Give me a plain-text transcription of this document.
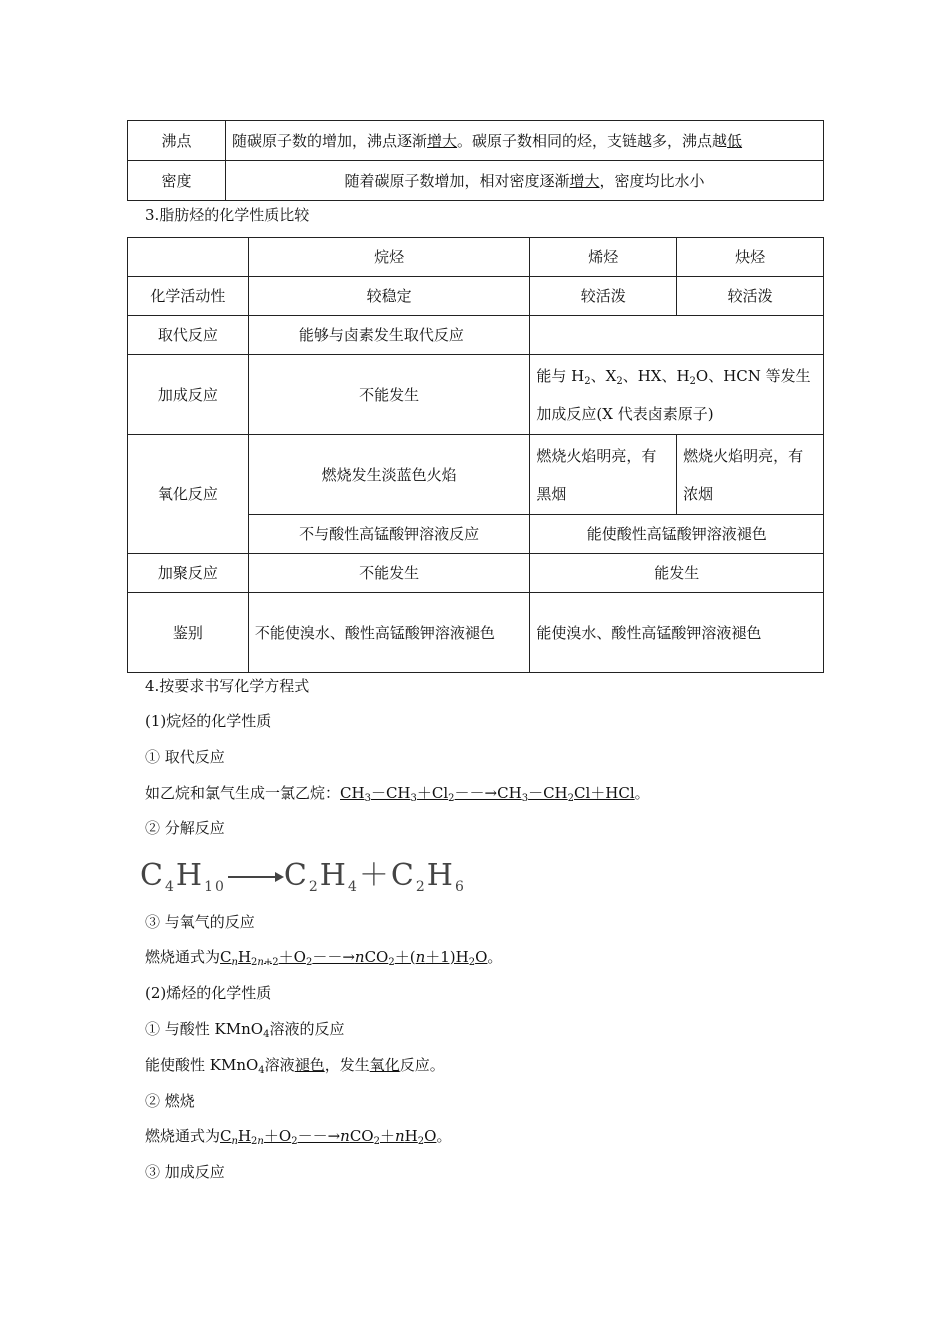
沸点	随碳原子数的增加，沸点逐渐增大。碳原子数相同的烃，支链越多，沸点越低
密度	随着碳原子数增加，相对密度逐渐增大，密度均比水小
3.脂肪烃的化学性质比较
	烷烃	烯烃	炔烃
化学活动性	较稳定	较活泼	较活泼
取代反应	能够与卤素发生取代反应		
加成反应	不能发生	能与 $H_2$、$X_2$、HX、$H_2O$、HCN 等发生加成反应(X 代表卤素原子)	
氧化反应	燃烧发生淡蓝色火焰	燃烧火焰明亮，有黑烟	燃烧火焰明亮，有浓烟
	不与酸性高锰酸钾溶液反应	能使酸性高锰酸钾溶液褪色	
加聚反应	不能发生	能发生	
鉴别	不能使溴水、酸性高锰酸钾溶液褪色	能使溴水、酸性高锰酸钾溶液褪色	
4.按要求书写化学方程式
(1)烷烃的化学性质
① 取代反应
如乙烷和氯气生成一氯乙烷：$CH_3-CH_3+Cl_2--\to CH_3-CH_2Cl+HCl$。
② 分解反应
$C_4H_{10}$ $C_2H_4+C_2H_6$
③ 与氧气的反应
燃烧通式为$C_nH_{2n+2}+O_2--\to nCO_2+(n+1)H_2O$。
(2)烯烃的化学性质
① 与酸性 KMnO$_4$溶液的反应
能使酸性 KMnO$_4$溶液褪色，发生氧化反应。
② 燃烧
燃烧通式为$C_nH_{2n}+O_2--\to nCO_2+nH_2O$。
③ 加成反应
